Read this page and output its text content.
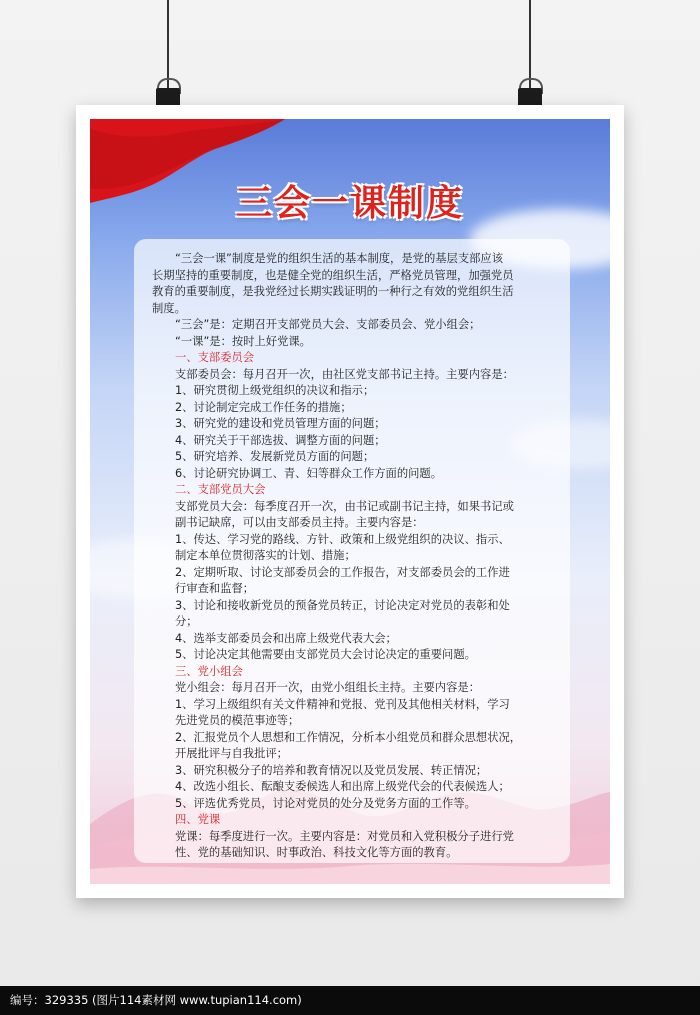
三会一课制度
“三会一课”制度是党的组织生活的基本制度，是党的基层支部应该
长期坚持的重要制度，也是健全党的组织生活，严格党员管理，加强党员
教育的重要制度，是我党经过长期实践证明的一种行之有效的党组织生活
制度。
“三会”是：定期召开支部党员大会、支部委员会、党小组会；
“一课”是：按时上好党课。
一、支部委员会
支部委员会：每月召开一次，由社区党支部书记主持。主要内容是：
1、研究贯彻上级党组织的决议和指示；
2、讨论制定完成工作任务的措施；
3、研究党的建设和党员管理方面的问题；
4、研究关于干部选拔、调整方面的问题；
5、研究培养、发展新党员方面的问题；
6、讨论研究协调工、青、妇等群众工作方面的问题。
二、支部党员大会
支部党员大会：每季度召开一次，由书记或副书记主持，如果书记或
副书记缺席，可以由支部委员主持。主要内容是：
1、传达、学习党的路线、方针、政策和上级党组织的决议、指示、
制定本单位贯彻落实的计划、措施；
2、定期听取、讨论支部委员会的工作报告，对支部委员会的工作进
行审查和监督；
3、讨论和接收新党员的预备党员转正，讨论决定对党员的表彰和处
分；
4、选举支部委员会和出席上级党代表大会；
5、讨论决定其他需要由支部党员大会讨论决定的重要问题。
三、党小组会
党小组会：每月召开一次，由党小组组长主持。主要内容是：
1、学习上级组织有关文件精神和党报、党刊及其他相关材料，学习
先进党员的模范事迹等；
2、汇报党员个人思想和工作情况，分析本小组党员和群众思想状况，
开展批评与自我批评；
3、研究积极分子的培养和教育情况以及党员发展、转正情况；
4、改选小组长、酝酿支委候选人和出席上级党代会的代表候选人；
5、评选优秀党员，讨论对党员的处分及党务方面的工作等。
四、党课
党课：每季度进行一次。主要内容是：对党员和入党积极分子进行党
性、党的基础知识、时事政治、科技文化等方面的教育。
编号：329335 (图片114素材网 www.tupian114.com)
